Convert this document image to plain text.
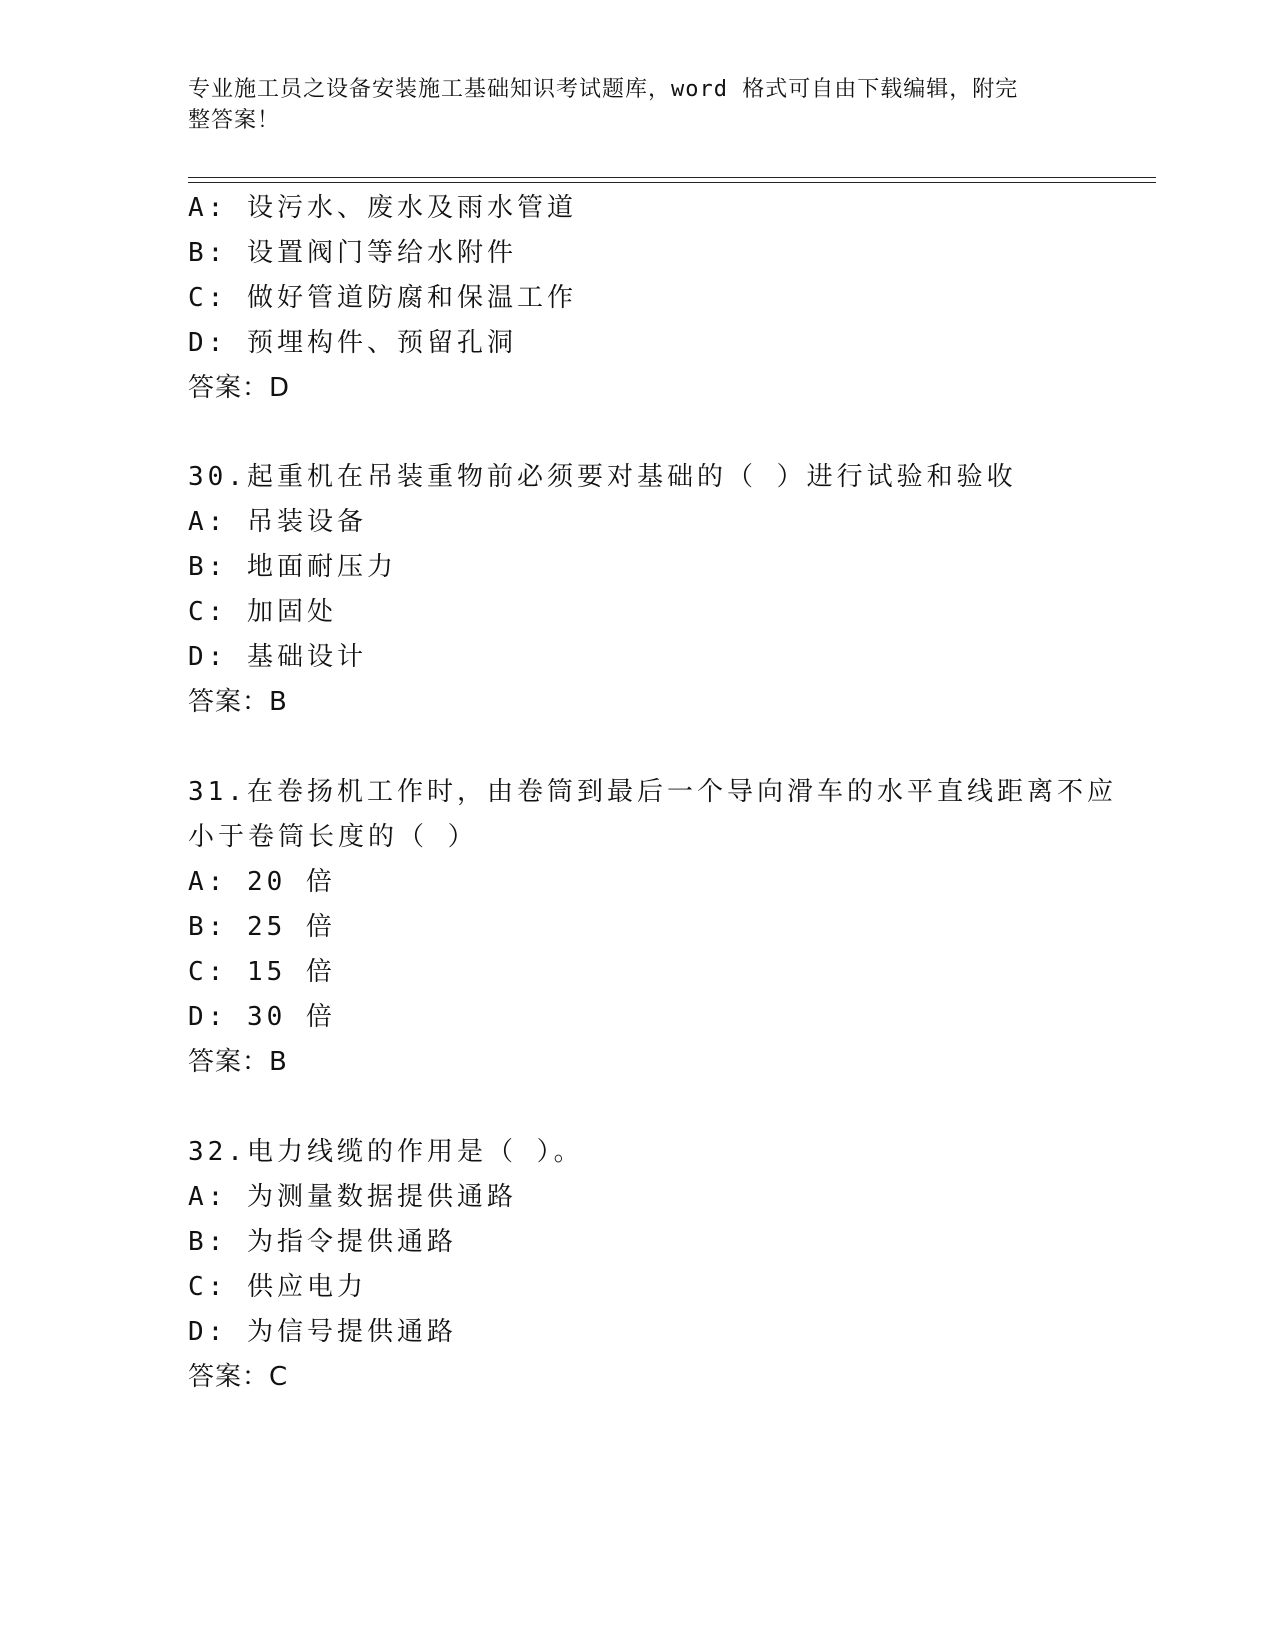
专业施工员之设备安装施工基础知识考试题库，word 格式可自由下载编辑，附完
整答案！
A: 设污水、废水及雨水管道
B: 设置阀门等给水附件
C: 做好管道防腐和保温工作
D: 预埋构件、预留孔洞
答案：D
30.起重机在吊装重物前必须要对基础的（ ）进行试验和验收
A: 吊装设备
B: 地面耐压力
C: 加固处
D: 基础设计
答案：B
31.在卷扬机工作时，由卷筒到最后一个导向滑车的水平直线距离不应
小于卷筒长度的（ ）
A: 20 倍
B: 25 倍
C: 15 倍
D: 30 倍
答案：B
32.电力线缆的作用是（ ）。
A: 为测量数据提供通路
B: 为指令提供通路
C: 供应电力
D: 为信号提供通路
答案：C
